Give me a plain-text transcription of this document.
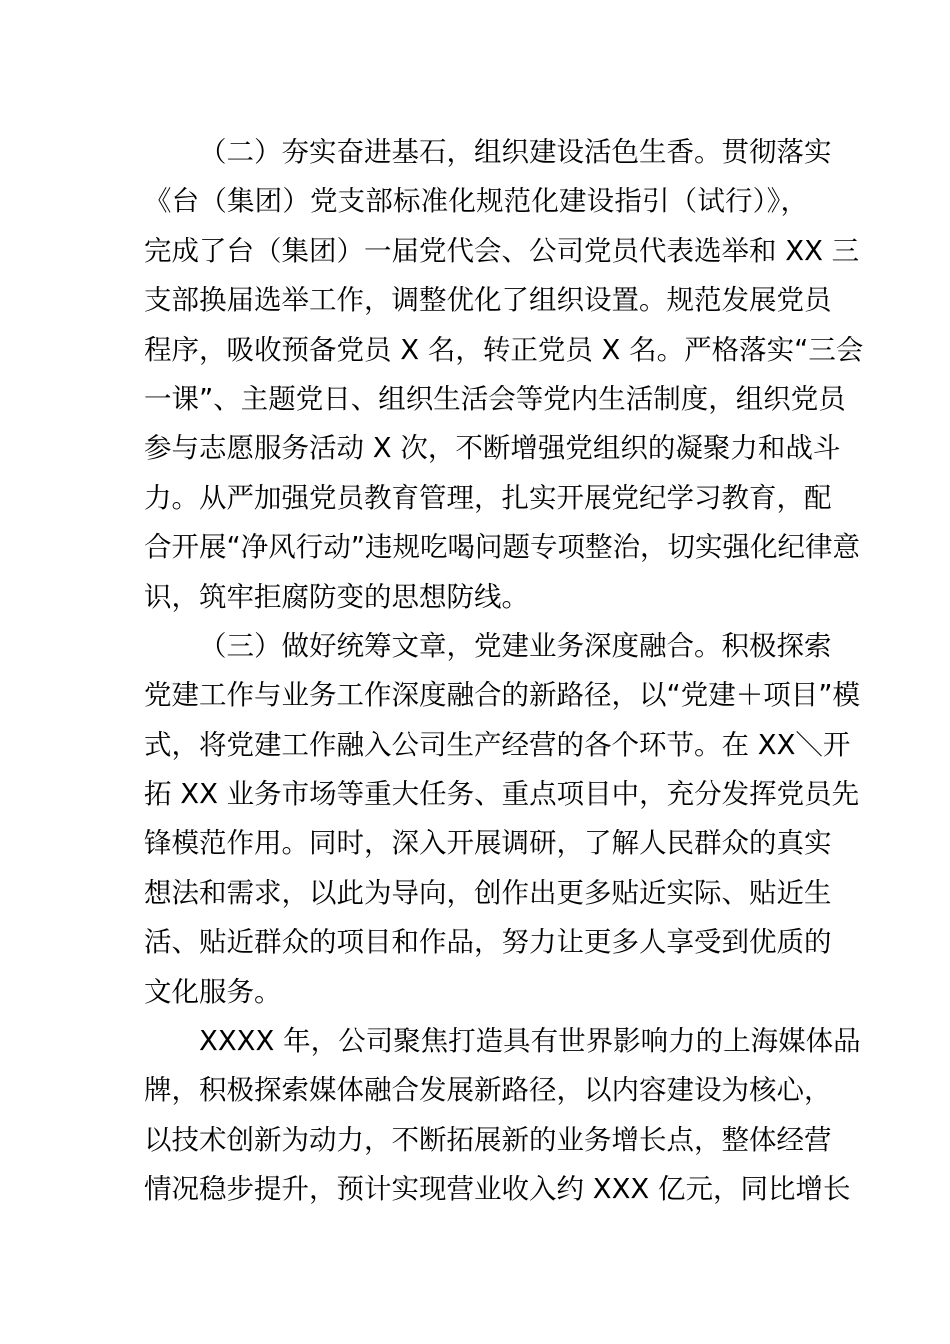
（二）夯实奋进基石，组织建设活色生香。贯彻落实
《台（集团）党支部标准化规范化建设指引（试行）》，
完成了台（集团）一届党代会、公司党员代表选举和 XX 三
支部换届选举工作，调整优化了组织设置。规范发展党员
程序，吸收预备党员 X 名，转正党员 X 名。严格落实“三会
一课”、主题党日、组织生活会等党内生活制度，组织党员
参与志愿服务活动 X 次，不断增强党组织的凝聚力和战斗
力。从严加强党员教育管理，扎实开展党纪学习教育，配
合开展“净风行动”违规吃喝问题专项整治，切实强化纪律意
识，筑牢拒腐防变的思想防线。

（三）做好统筹文章，党建业务深度融合。积极探索
党建工作与业务工作深度融合的新路径，以“党建＋项目”模
式，将党建工作融入公司生产经营的各个环节。在 XX＼开
拓 XX 业务市场等重大任务、重点项目中，充分发挥党员先
锋模范作用。同时，深入开展调研，了解人民群众的真实
想法和需求，以此为导向，创作出更多贴近实际、贴近生
活、贴近群众的项目和作品，努力让更多人享受到优质的
文化服务。

XXXX 年，公司聚焦打造具有世界影响力的上海媒体品
牌，积极探索媒体融合发展新路径，以内容建设为核心，
以技术创新为动力，不断拓展新的业务增长点，整体经营
情况稳步提升，预计实现营业收入约 XXX 亿元，同比增长
